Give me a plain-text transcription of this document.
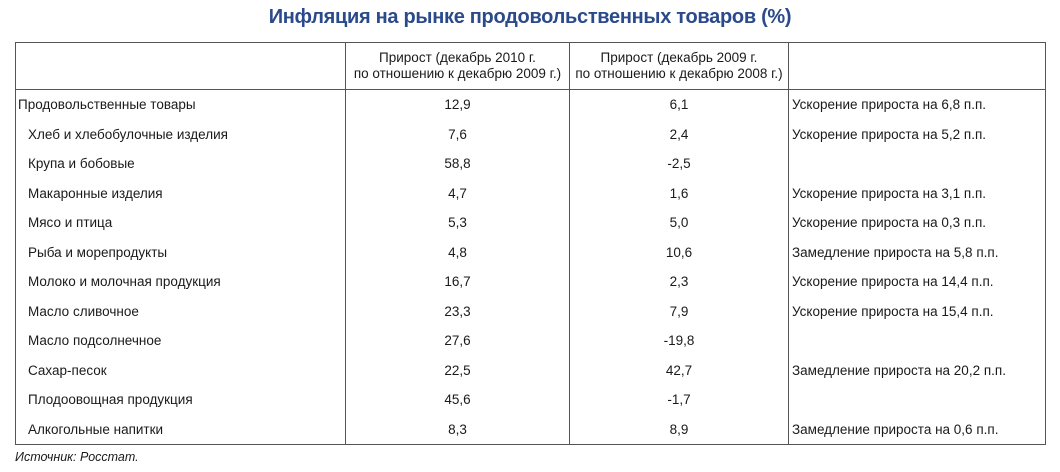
Инфляция на рынке продовольственных товаров (%)
	Прирост (декабрь 2010 г.
по отношению к декабрю 2009 г.)	Прирост (декабрь 2009 г.
по отношению к декабрю 2008 г.)	
Продовольственные товары	12,9	6,1	Ускорение прироста на 6,8 п.п.
Хлеб и хлебобулочные изделия	7,6	2,4	Ускорение прироста на 5,2 п.п.
Крупа и бобовые	58,8	-2,5	
Макаронные изделия	4,7	1,6	Ускорение прироста на 3,1 п.п.
Мясо и птица	5,3	5,0	Ускорение прироста на 0,3 п.п.
Рыба и морепродукты	4,8	10,6	Замедление прироста на 5,8 п.п.
Молоко и молочная продукция	16,7	2,3	Ускорение прироста на 14,4 п.п.
Масло сливочное	23,3	7,9	Ускорение прироста на 15,4 п.п.
Масло подсолнечное	27,6	-19,8	
Сахар-песок	22,5	42,7	Замедление прироста на 20,2 п.п.
Плодоовощная продукция	45,6	-1,7	
Алкогольные напитки	8,3	8,9	Замедление прироста на 0,6 п.п.
Источник: Росстат.
